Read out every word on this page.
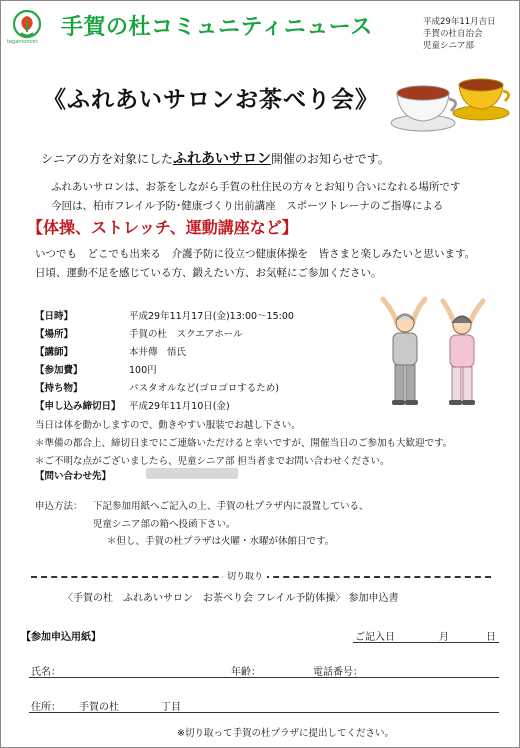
tegamomori
手賀の杜コミュニティニュース	平成29年11月吉日
手賀の杜自治会
児童シニア部
《ふれあいサロンお茶べり会》
シニアの方を対象にしたふれあいサロン開催のお知らせです。
ふれあいサロンは、お茶をしながら手賀の杜住民の方々とお知り合いになれる場所です
今回は、柏市フレイル予防･健康づくり出前講座　スポーツトレーナのご指導による
【体操、ストレッチ、運動講座など】
いつでも　どこでも出来る　介護予防に役立つ健康体操を　皆さまと楽しみたいと思います。
日頃、運動不足を感じている方、鍛えたい方、お気軽にご参加ください。
【日時】	平成29年11月17日(金)13:00～15:00
【場所】	手賀の杜　スクエアホール
【講師】	本井傳　悟氏
【参加費】	100円
【持ち物】	バスタオルなど(ゴロゴロするため)
【申し込み締切日】 平成29年11月10日(金)
当日は体を動かしますので、動きやすい服装でお越し下さい。
＊準備の都合上、締切日までにご連絡いただけると幸いですが、開催当日のご参加も大歓迎です。
＊ご不明な点がございましたら、児童シニア部 担当者までお問い合わせください。
【問い合わせ先】
申込方法： 下記参加用紙へご記入の上、手賀の杜プラザ内に設置している、
児童シニア部の箱へ投函下さい。
＊但し、手賀の杜プラザは火曜・水曜が休館日です。
切り取り
〈手賀の杜　ふれあいサロン　お茶べり会 フレイル予防体操〉 参加申込書
【参加申込用紙】	ご記入日	月	日
氏名：	年齢：	電話番号：
住所： 手賀の杜	丁目
※切り取って手賀の杜プラザに提出してください。
